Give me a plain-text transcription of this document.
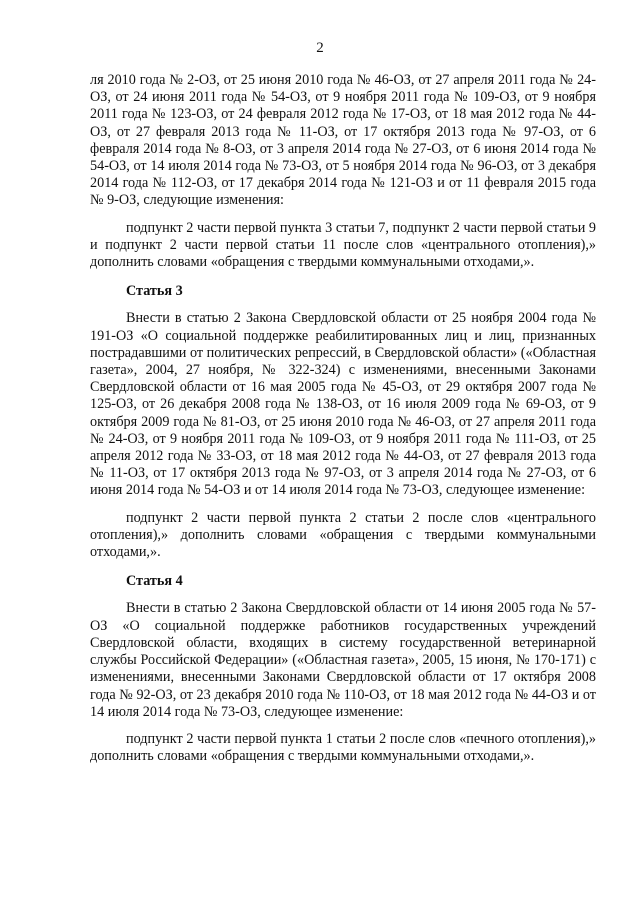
2

ля 2010 года № 2-ОЗ, от 25 июня 2010 года № 46-ОЗ, от 27 апреля 2011 года № 24-ОЗ, от 24 июня 2011 года № 54-ОЗ, от 9 ноября 2011 года № 109-ОЗ, от 9 ноября 2011 года № 123-ОЗ, от 24 февраля 2012 года № 17-ОЗ, от 18 мая 2012 года № 44-ОЗ, от 27 февраля 2013 года № 11-ОЗ, от 17 октября 2013 года № 97-ОЗ, от 6 февраля 2014 года № 8-ОЗ, от 3 апреля 2014 года № 27-ОЗ, от 6 июня 2014 года № 54-ОЗ, от 14 июля 2014 года № 73-ОЗ, от 5 ноября 2014 года № 96-ОЗ, от 3 декабря 2014 года № 112-ОЗ, от 17 декабря 2014 года № 121-ОЗ и от 11 февраля 2015 года № 9-ОЗ, следующие изменения:

подпункт 2 части первой пункта 3 статьи 7, подпункт 2 части первой статьи 9 и подпункт 2 части первой статьи 11 после слов «центрального отопления),» дополнить словами «обращения с твердыми коммунальными отходами,».

Статья 3

Внести в статью 2 Закона Свердловской области от 25 ноября 2004 года № 191-ОЗ «О социальной поддержке реабилитированных лиц и лиц, признанных пострадавшими от политических репрессий, в Свердловской области» («Областная газета», 2004, 27 ноября, № 322-324) с изменениями, внесенными Законами Свердловской области от 16 мая 2005 года № 45-ОЗ, от 29 октября 2007 года № 125-ОЗ, от 26 декабря 2008 года № 138-ОЗ, от 16 июля 2009 года № 69-ОЗ, от 9 октября 2009 года № 81-ОЗ, от 25 июня 2010 года № 46-ОЗ, от 27 апреля 2011 года № 24-ОЗ, от 9 ноября 2011 года № 109-ОЗ, от 9 ноября 2011 года № 111-ОЗ, от 25 апреля 2012 года № 33-ОЗ, от 18 мая 2012 года № 44-ОЗ, от 27 февраля 2013 года № 11-ОЗ, от 17 октября 2013 года № 97-ОЗ, от 3 апреля 2014 года № 27-ОЗ, от 6 июня 2014 года № 54-ОЗ и от 14 июля 2014 года № 73-ОЗ, следующее изменение:

подпункт 2 части первой пункта 2 статьи 2 после слов «центрального отопления),» дополнить словами «обращения с твердыми коммунальными отходами,».

Статья 4

Внести в статью 2 Закона Свердловской области от 14 июня 2005 года № 57-ОЗ «О социальной поддержке работников государственных учреждений Свердловской области, входящих в систему государственной ветеринарной службы Российской Федерации» («Областная газета», 2005, 15 июня, № 170-171) с изменениями, внесенными Законами Свердловской области от 17 октября 2008 года № 92-ОЗ, от 23 декабря 2010 года № 110-ОЗ, от 18 мая 2012 года № 44-ОЗ и от 14 июля 2014 года № 73-ОЗ, следующее изменение:

подпункт 2 части первой пункта 1 статьи 2 после слов «печного отопления),» дополнить словами «обращения с твердыми коммунальными отходами,».
